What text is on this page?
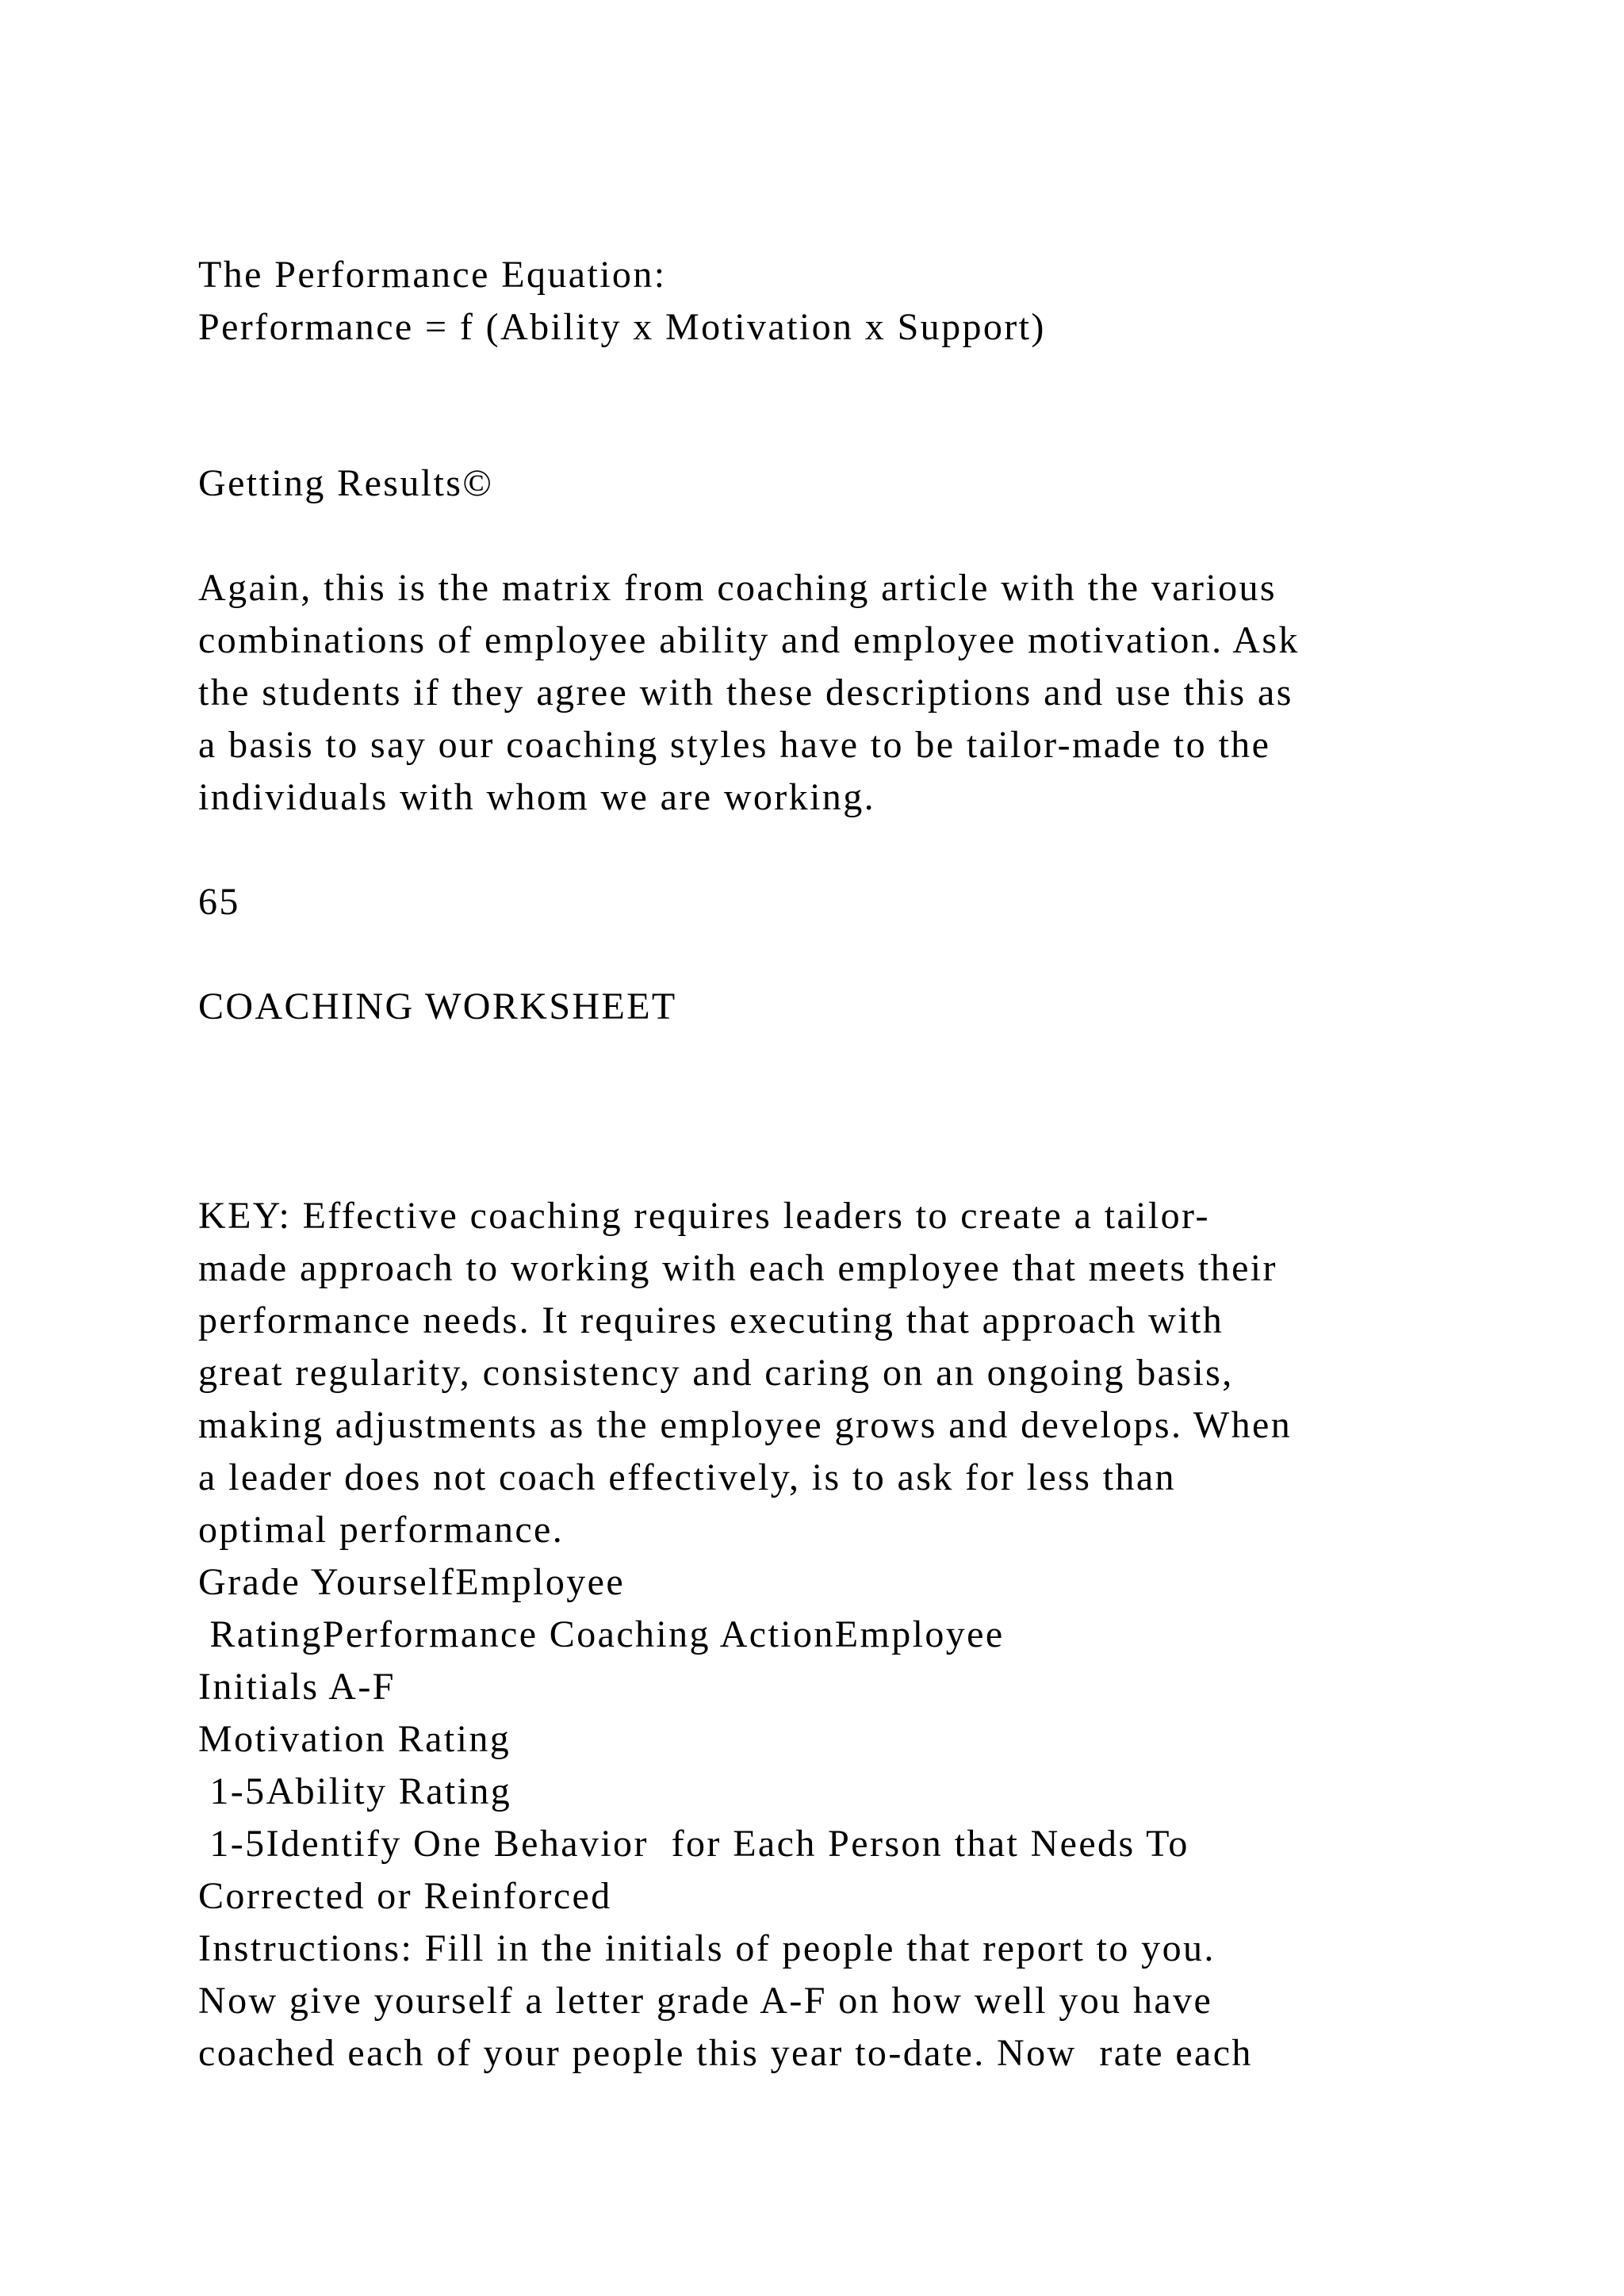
The Performance Equation:

Performance = f (Ability x Motivation x Support)

Getting Results©

Again, this is the matrix from coaching article with the various

combinations of employee ability and employee motivation. Ask

the students if they agree with these descriptions and use this as

a basis to say our coaching styles have to be tailor-made to the

individuals with whom we are working.

65

COACHING WORKSHEET

KEY: Effective coaching requires leaders to create a tailor-

made approach to working with each employee that meets their

performance needs. It requires executing that approach with

great regularity, consistency and caring on an ongoing basis,

making adjustments as the employee grows and develops. When

a leader does not coach effectively, is to ask for less than

optimal performance.

Grade YourselfEmployee

RatingPerformance Coaching ActionEmployee

Initials A-F

Motivation Rating

1-5Ability Rating

1-5Identify One Behavior  for Each Person that Needs To

Corrected or Reinforced

Instructions: Fill in the initials of people that report to you.

Now give yourself a letter grade A-F on how well you have

coached each of your people this year to-date. Now  rate each
